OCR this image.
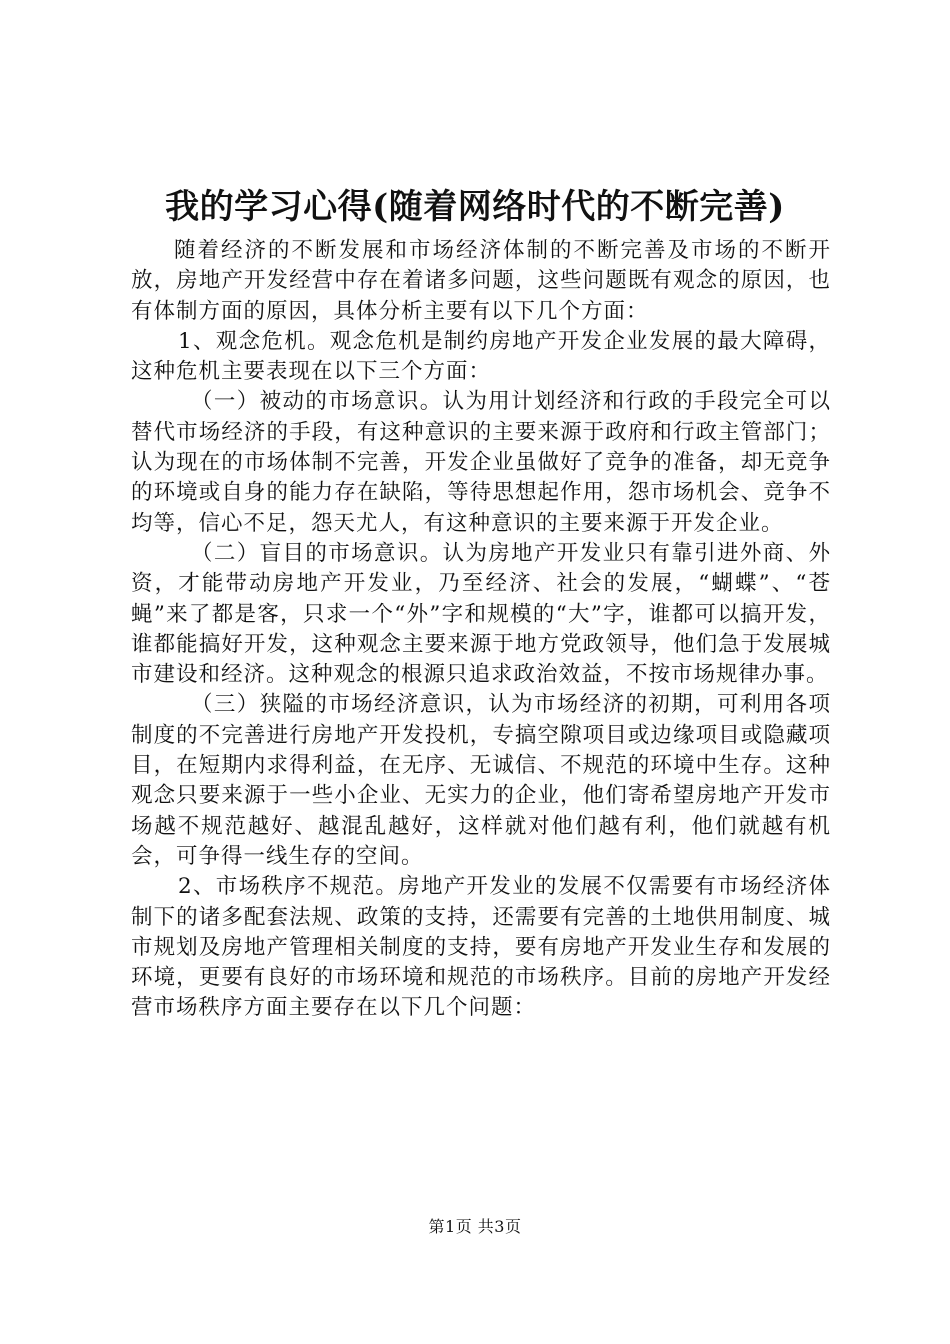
我的学习心得(随着网络时代的不断完善)

随着经济的不断发展和市场经济体制的不断完善及市场的不断开放，房地产开发经营中存在着诸多问题，这些问题既有观念的原因，也有体制方面的原因，具体分析主要有以下几个方面：

1、观念危机。观念危机是制约房地产开发企业发展的最大障碍，这种危机主要表现在以下三个方面：

（一）被动的市场意识。认为用计划经济和行政的手段完全可以替代市场经济的手段，有这种意识的主要来源于政府和行政主管部门；认为现在的市场体制不完善，开发企业虽做好了竞争的准备，却无竞争的环境或自身的能力存在缺陷，等待思想起作用，怨市场机会、竞争不均等，信心不足，怨天尤人，有这种意识的主要来源于开发企业。

（二）盲目的市场意识。认为房地产开发业只有靠引进外商、外资，才能带动房地产开发业，乃至经济、社会的发展，“蝴蝶”、“苍蝇”来了都是客，只求一个“外”字和规模的“大”字，谁都可以搞开发，谁都能搞好开发，这种观念主要来源于地方党政领导，他们急于发展城市建设和经济。这种观念的根源只追求政治效益，不按市场规律办事。

（三）狭隘的市场经济意识，认为市场经济的初期，可利用各项制度的不完善进行房地产开发投机，专搞空隙项目或边缘项目或隐藏项目，在短期内求得利益，在无序、无诚信、不规范的环境中生存。这种观念只要来源于一些小企业、无实力的企业，他们寄希望房地产开发市场越不规范越好、越混乱越好，这样就对他们越有利，他们就越有机会，可争得一线生存的空间。

2、市场秩序不规范。房地产开发业的发展不仅需要有市场经济体制下的诸多配套法规、政策的支持，还需要有完善的土地供用制度、城市规划及房地产管理相关制度的支持，要有房地产开发业生存和发展的环境，更要有良好的市场环境和规范的市场秩序。目前的房地产开发经营市场秩序方面主要存在以下几个问题：

第1页 共3页
